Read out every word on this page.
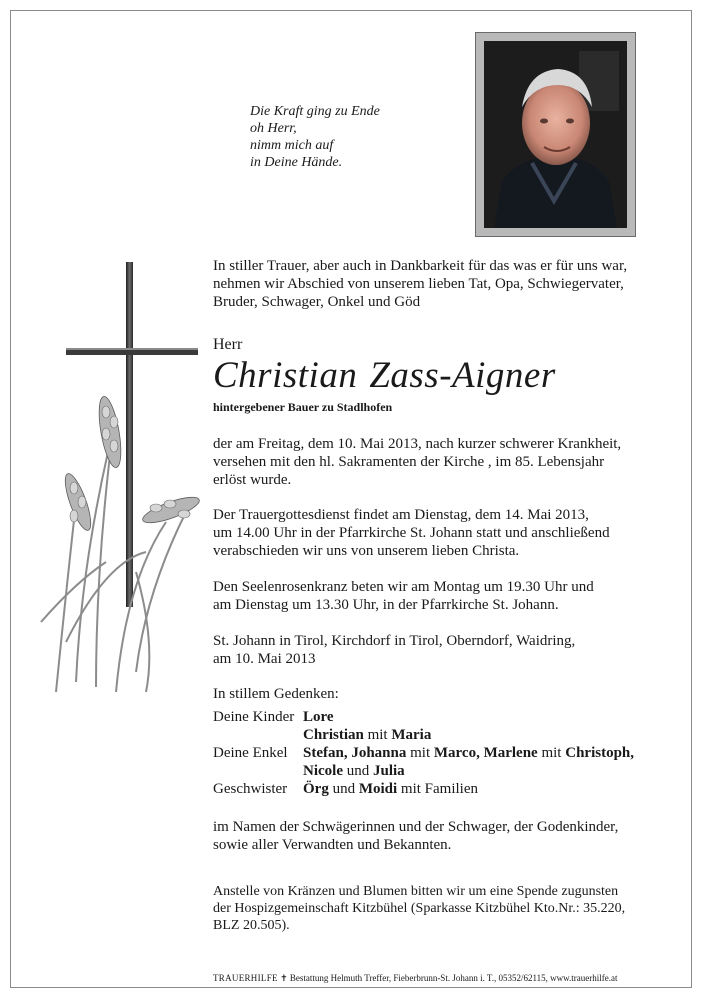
Die Kraft ging zu Ende
oh Herr,
nimm mich auf
in Deine Hände.
In stiller Trauer, aber auch in Dankbarkeit für das was er für uns war,
nehmen wir Abschied von unserem lieben Tat, Opa, Schwiegervater,
Bruder, Schwager, Onkel und Göd
Herr
Christian Zass-Aigner
hintergebener Bauer zu Stadlhofen
der am Freitag, dem 10. Mai 2013, nach kurzer schwerer Krankheit,
versehen mit den hl. Sakramenten der Kirche , im 85. Lebensjahr
erlöst wurde.
Der Trauergottesdienst findet am Dienstag, dem 14. Mai 2013,
um 14.00 Uhr in der Pfarrkirche St. Johann statt und anschließend
verabschieden wir uns von unserem lieben Christa.
Den Seelenrosenkranz beten wir am Montag um 19.30 Uhr und
am Dienstag um 13.30 Uhr, in der Pfarrkirche St. Johann.
St. Johann in Tirol, Kirchdorf in Tirol, Oberndorf, Waidring,
am 10. Mai 2013
In stillem Gedenken:
Deine Kinder Lore
Christian mit Maria
Deine Enkel	Stefan, Johanna mit Marco, Marlene mit Christoph,
Nicole und Julia
Geschwister	Örg und Moidi mit Familien
im Namen der Schwägerinnen und der Schwager, der Godenkinder,
sowie aller Verwandten und Bekannten.
Anstelle von Kränzen und Blumen bitten wir um eine Spende zugunsten
der Hospizgemeinschaft Kitzbühel (Sparkasse Kitzbühel Kto.Nr.: 35.220,
BLZ 20.505).
TRAUERHILFE ✝ Bestattung Helmuth Treffer, Fieberbrunn-St. Johann i. T., 05352/62115, www.trauerhilfe.at
